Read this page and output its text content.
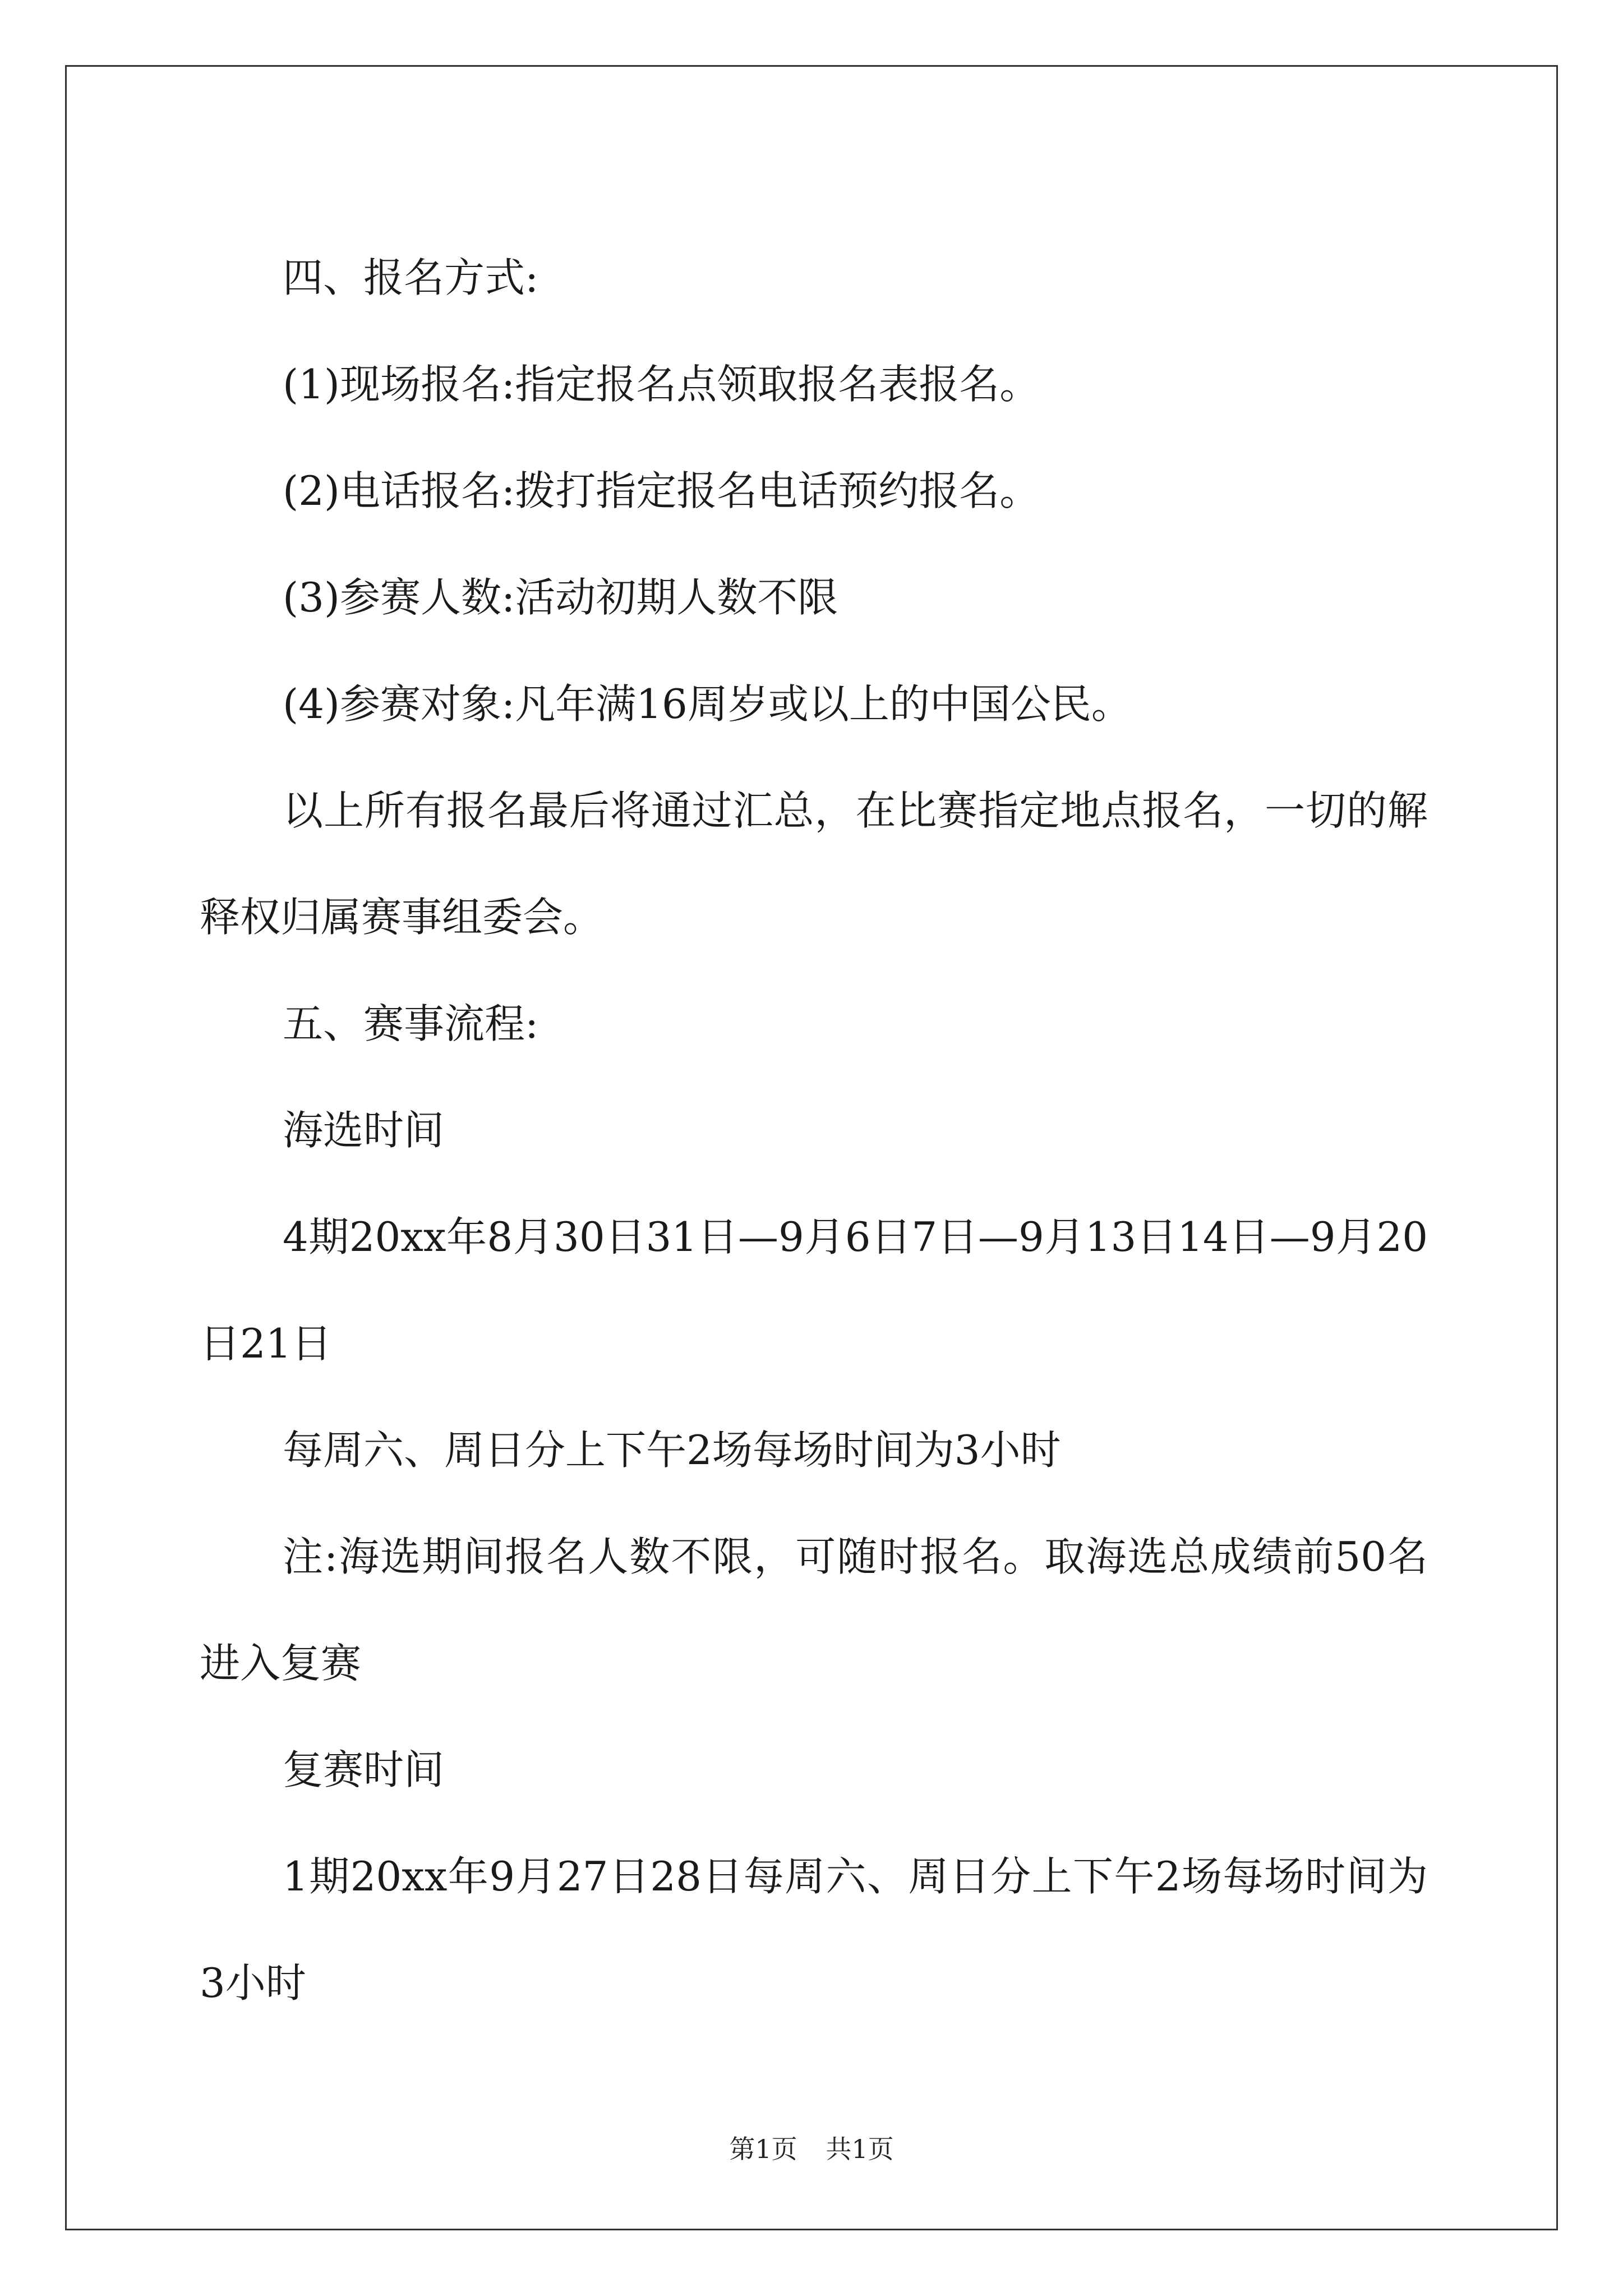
四、报名方式:

(1)现场报名:指定报名点领取报名表报名。

(2)电话报名:拨打指定报名电话预约报名。

(3)参赛人数:活动初期人数不限

(4)参赛对象:凡年满16周岁或以上的中国公民。

以上所有报名最后将通过汇总，在比赛指定地点报名，一切的解释权归属赛事组委会。

五、赛事流程:

海选时间

4期20xx年8月30日31日—9月6日7日—9月13日14日—9月20日21日

每周六、周日分上下午2场每场时间为3小时

注:海选期间报名人数不限，可随时报名。取海选总成绩前50名进入复赛

复赛时间

1期20xx年9月27日28日每周六、周日分上下午2场每场时间为3小时

第1页 共1页
